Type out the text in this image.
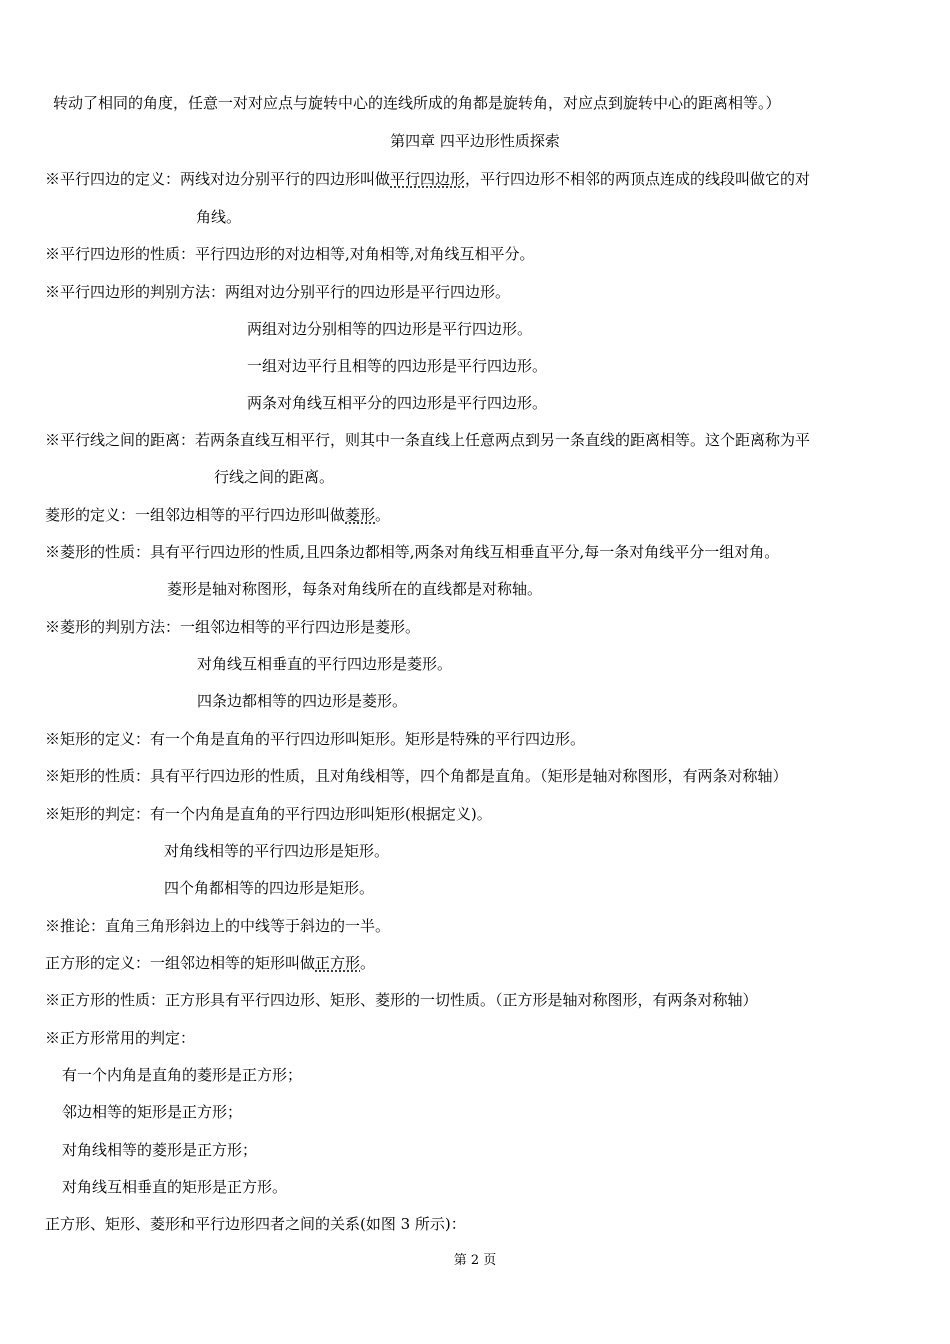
转动了相同的角度，任意一对对应点与旋转中心的连线所成的角都是旋转角，对应点到旋转中心的距离相等。）
第四章 四平边形性质探索
※平行四边的定义：两线对边分别平行的四边形叫做平行四边形，平行四边形不相邻的两顶点连成的线段叫做它的对
角线。
※平行四边形的性质：平行四边形的对边相等,对角相等,对角线互相平分。
※平行四边形的判别方法：两组对边分别平行的四边形是平行四边形。
两组对边分别相等的四边形是平行四边形。
一组对边平行且相等的四边形是平行四边形。
两条对角线互相平分的四边形是平行四边形。
※平行线之间的距离：若两条直线互相平行，则其中一条直线上任意两点到另一条直线的距离相等。这个距离称为平
行线之间的距离。
菱形的定义：一组邻边相等的平行四边形叫做菱形。
※菱形的性质：具有平行四边形的性质,且四条边都相等,两条对角线互相垂直平分,每一条对角线平分一组对角。
菱形是轴对称图形，每条对角线所在的直线都是对称轴。
※菱形的判别方法：一组邻边相等的平行四边形是菱形。
对角线互相垂直的平行四边形是菱形。
四条边都相等的四边形是菱形。
※矩形的定义：有一个角是直角的平行四边形叫矩形。矩形是特殊的平行四边形。
※矩形的性质：具有平行四边形的性质，且对角线相等，四个角都是直角。（矩形是轴对称图形，有两条对称轴）
※矩形的判定：有一个内角是直角的平行四边形叫矩形(根据定义)。
对角线相等的平行四边形是矩形。
四个角都相等的四边形是矩形。
※推论：直角三角形斜边上的中线等于斜边的一半。
正方形的定义：一组邻边相等的矩形叫做正方形。
※正方形的性质：正方形具有平行四边形、矩形、菱形的一切性质。（正方形是轴对称图形，有两条对称轴）
※正方形常用的判定：
有一个内角是直角的菱形是正方形；
邻边相等的矩形是正方形；
对角线相等的菱形是正方形；
对角线互相垂直的矩形是正方形。
正方形、矩形、菱形和平行边形四者之间的关系(如图 3 所示)：
第 2 页
